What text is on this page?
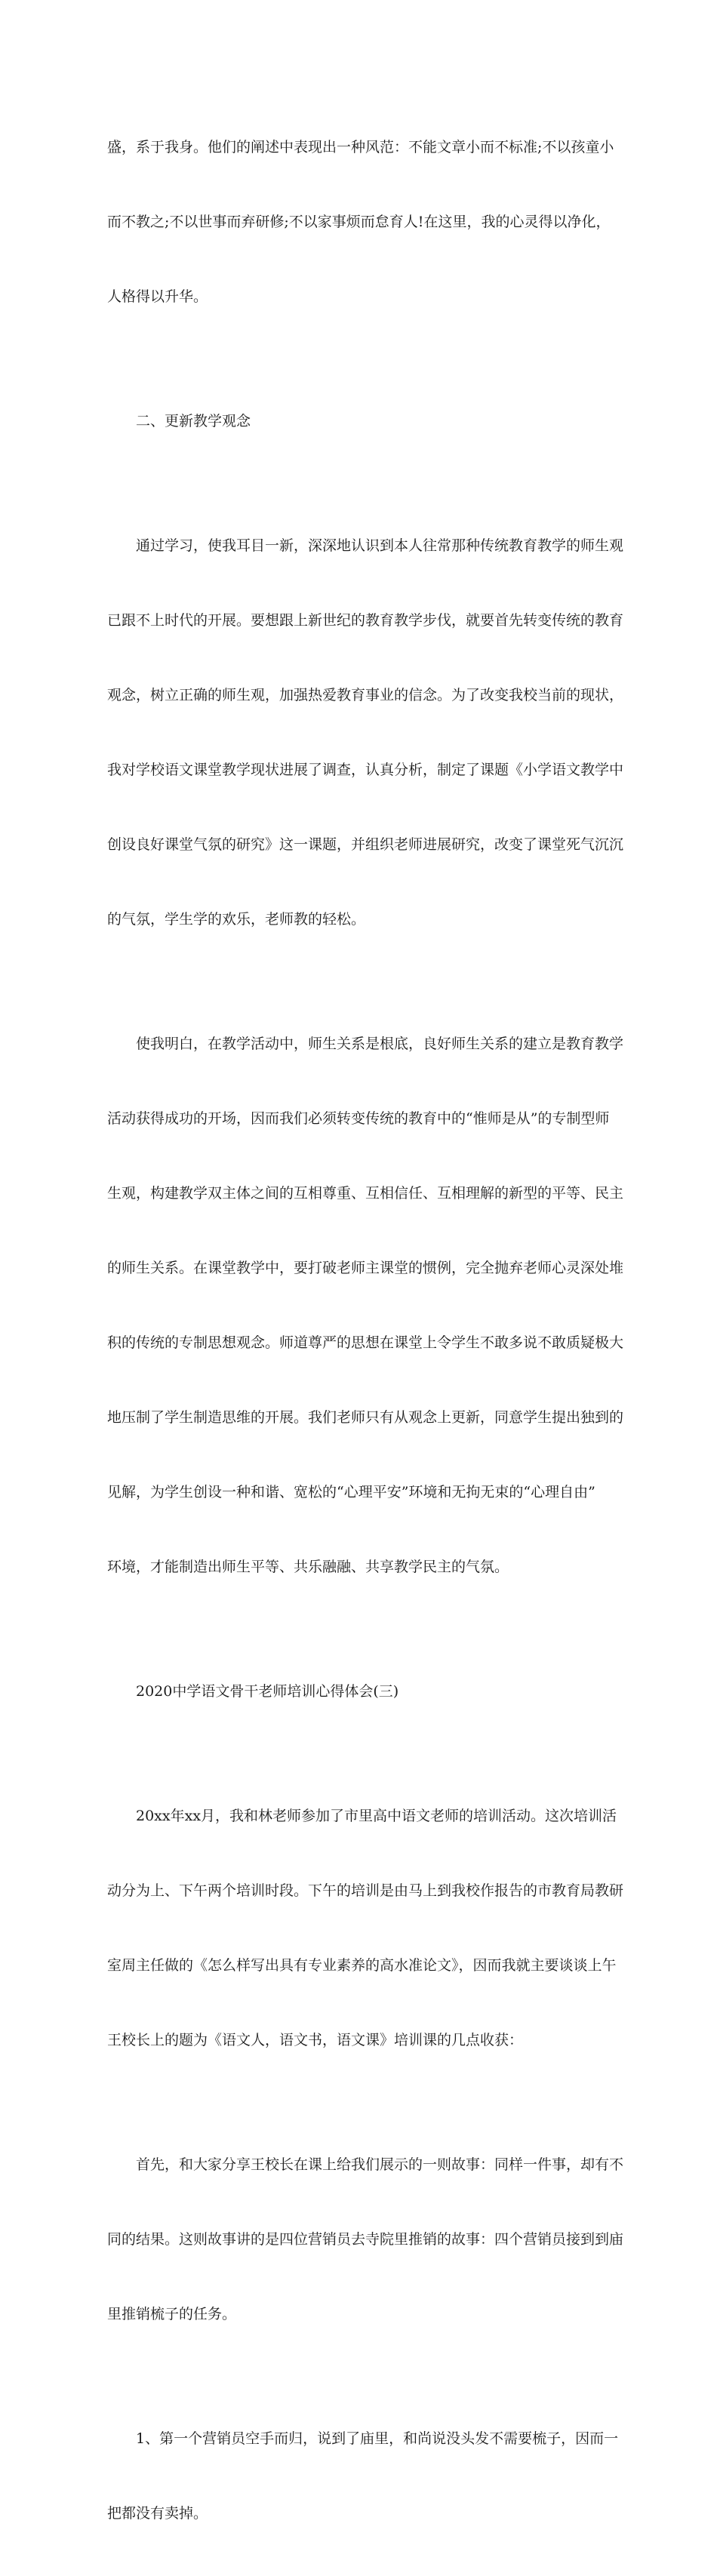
盛，系于我身。他们的阐述中表现出一种风范：不能文章小而不标准;不以孩童小

而不教之;不以世事而弃研修;不以家事烦而怠育人!在这里，我的心灵得以净化，

人格得以升华。

二、更新教学观念

通过学习，使我耳目一新，深深地认识到本人往常那种传统教育教学的师生观

已跟不上时代的开展。要想跟上新世纪的教育教学步伐，就要首先转变传统的教育

观念，树立正确的师生观，加强热爱教育事业的信念。为了改变我校当前的现状，

我对学校语文课堂教学现状进展了调查，认真分析，制定了课题《小学语文教学中

创设良好课堂气氛的研究》这一课题，并组织老师进展研究，改变了课堂死气沉沉

的气氛，学生学的欢乐，老师教的轻松。

使我明白，在教学活动中，师生关系是根底，良好师生关系的建立是教育教学

活动获得成功的开场，因而我们必须转变传统的教育中的“惟师是从”的专制型师

生观，构建教学双主体之间的互相尊重、互相信任、互相理解的新型的平等、民主

的师生关系。在课堂教学中，要打破老师主课堂的惯例，完全抛弃老师心灵深处堆

积的传统的专制思想观念。师道尊严的思想在课堂上令学生不敢多说不敢质疑极大

地压制了学生制造思维的开展。我们老师只有从观念上更新，同意学生提出独到的

见解，为学生创设一种和谐、宽松的“心理平安”环境和无拘无束的“心理自由”

环境，才能制造出师生平等、共乐融融、共享教学民主的气氛。

2020中学语文骨干老师培训心得体会(三)

20xx年xx月，我和林老师参加了市里高中语文老师的培训活动。这次培训活

动分为上、下午两个培训时段。下午的培训是由马上到我校作报告的市教育局教研

室周主任做的《怎么样写出具有专业素养的高水准论文》，因而我就主要谈谈上午

王校长上的题为《语文人，语文书，语文课》培训课的几点收获：

首先，和大家分享王校长在课上给我们展示的一则故事：同样一件事，却有不

同的结果。这则故事讲的是四位营销员去寺院里推销的故事：四个营销员接到到庙

里推销梳子的任务。

1、第一个营销员空手而归，说到了庙里，和尚说没头发不需要梳子，因而一

把都没有卖掉。
